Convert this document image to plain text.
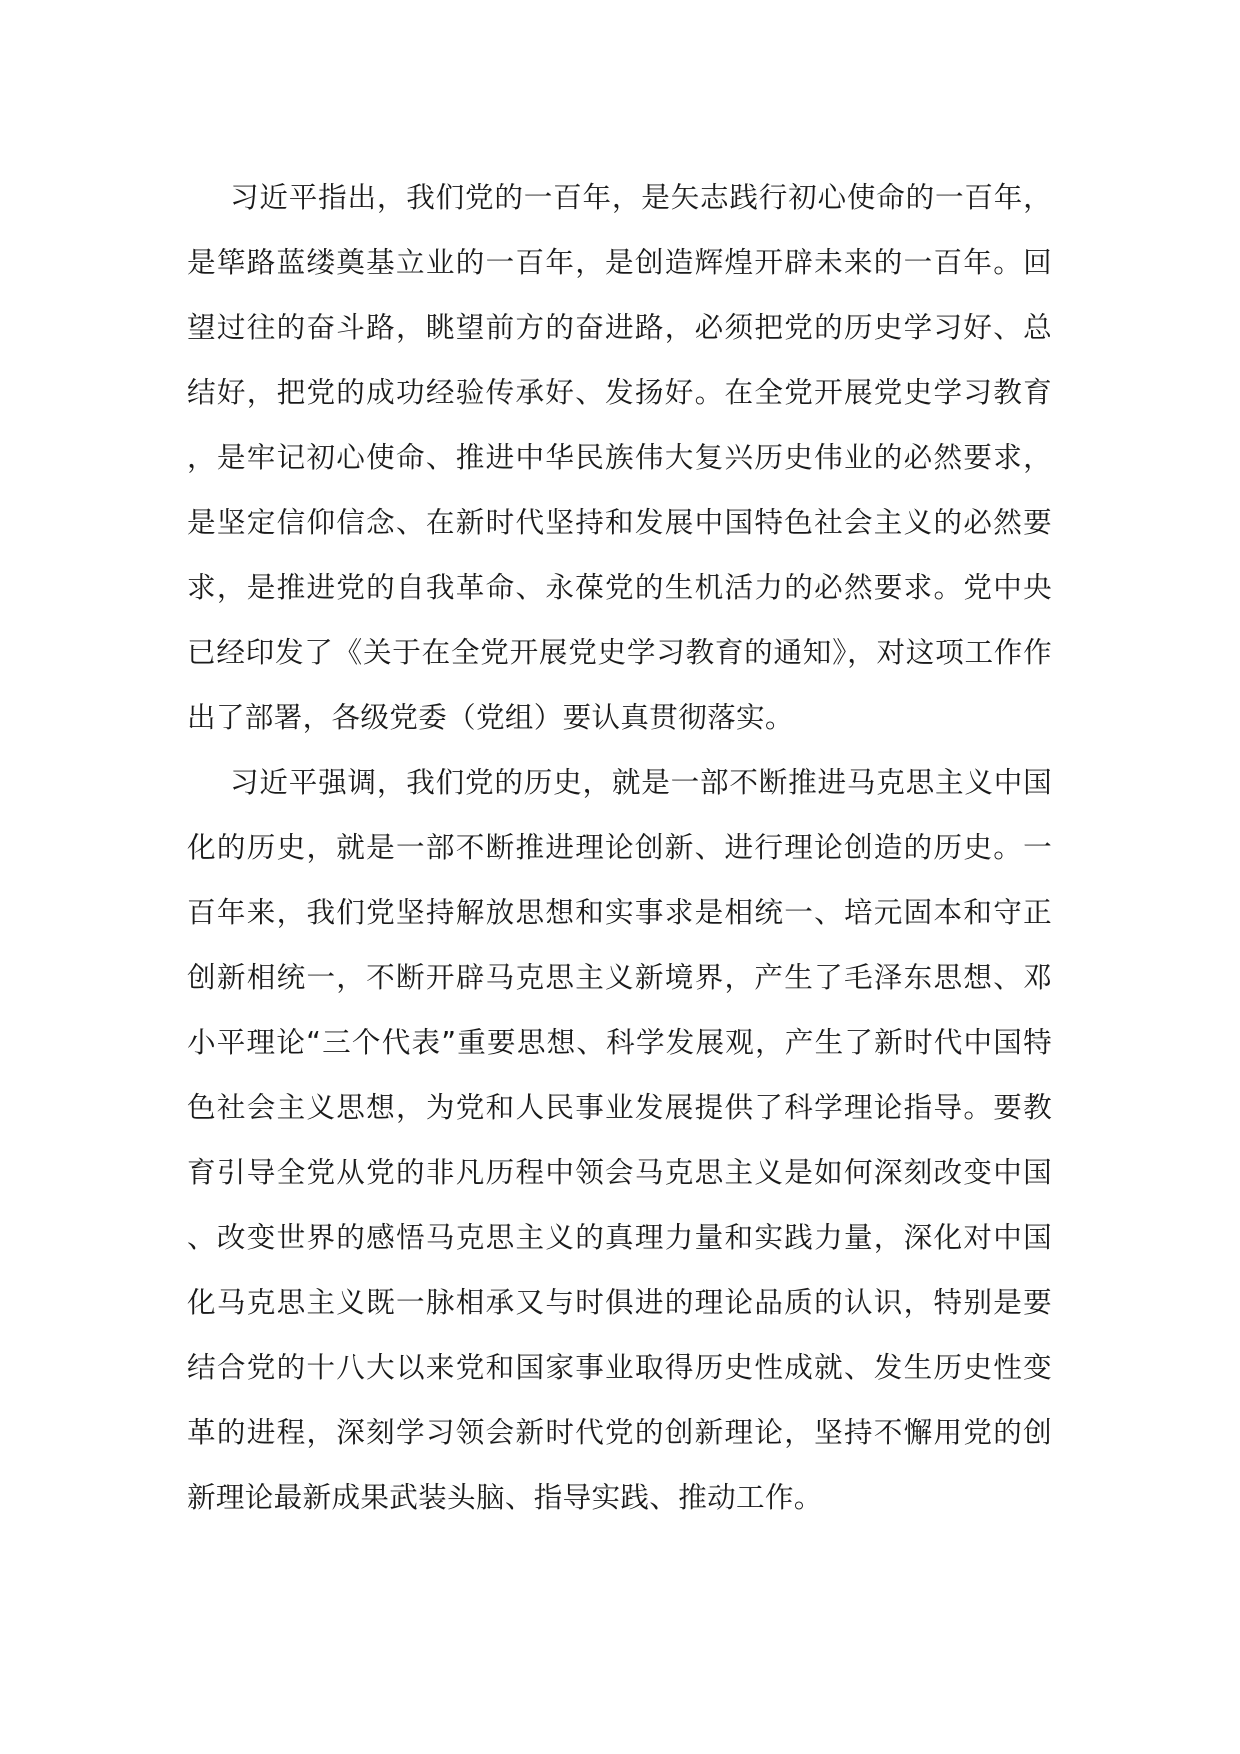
习近平指出，我们党的一百年，是矢志践行初心使命的一百年，是筚路蓝缕奠基立业的一百年，是创造辉煌开辟未来的一百年。回望过往的奋斗路，眺望前方的奋进路，必须把党的历史学习好、总结好，把党的成功经验传承好、发扬好。在全党开展党史学习教育，是牢记初心使命、推进中华民族伟大复兴历史伟业的必然要求，是坚定信仰信念、在新时代坚持和发展中国特色社会主义的必然要求，是推进党的自我革命、永葆党的生机活力的必然要求。党中央已经印发了《关于在全党开展党史学习教育的通知》，对这项工作作出了部署，各级党委（党组）要认真贯彻落实。

习近平强调，我们党的历史，就是一部不断推进马克思主义中国化的历史，就是一部不断推进理论创新、进行理论创造的历史。一百年来，我们党坚持解放思想和实事求是相统一、培元固本和守正创新相统一，不断开辟马克思主义新境界，产生了毛泽东思想、邓小平理论“三个代表”重要思想、科学发展观，产生了新时代中国特色社会主义思想，为党和人民事业发展提供了科学理论指导。要教育引导全党从党的非凡历程中领会马克思主义是如何深刻改变中国、改变世界的感悟马克思主义的真理力量和实践力量，深化对中国化马克思主义既一脉相承又与时俱进的理论品质的认识，特别是要结合党的十八大以来党和国家事业取得历史性成就、发生历史性变革的进程，深刻学习领会新时代党的创新理论，坚持不懈用党的创新理论最新成果武装头脑、指导实践、推动工作。
